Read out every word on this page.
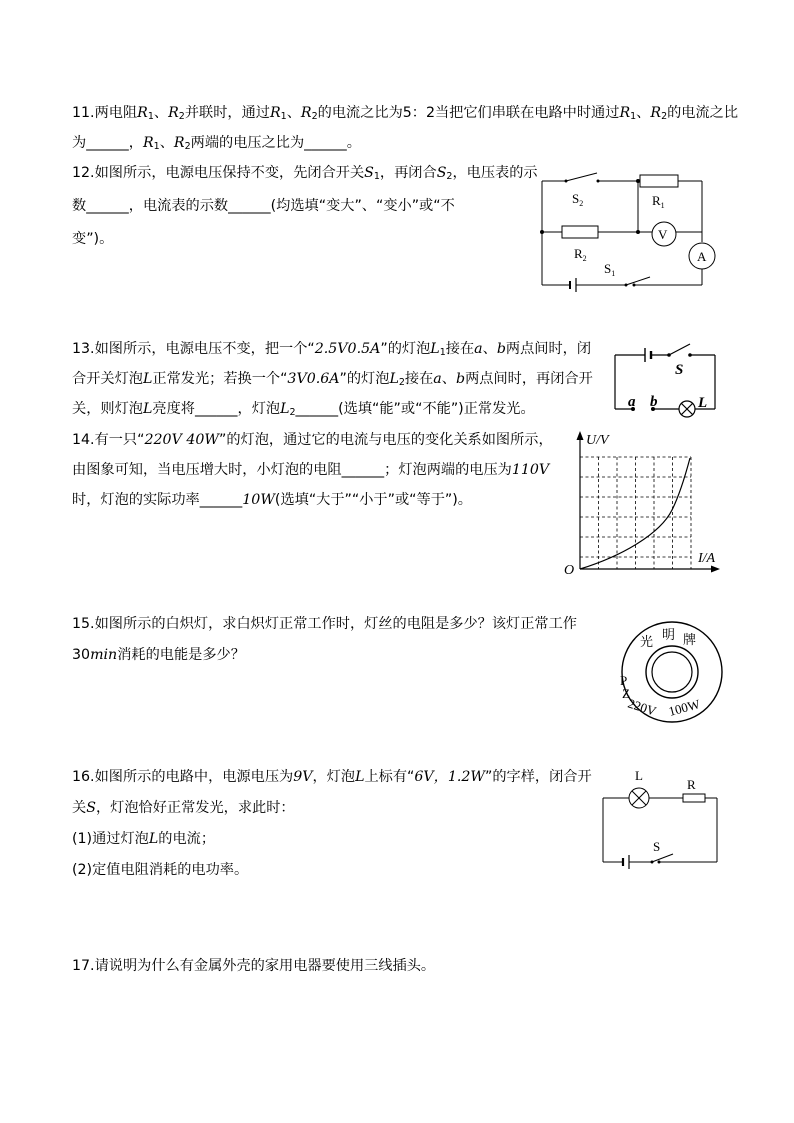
11.两电阻$R_1$、$R_2$并联时，通过$R_1$、$R_2$的电流之比为5：2当把它们串联在电路中时通过$R_1$、$R_2$的电流之比
为______，$R_1$、$R_2$两端的电压之比为______。
12.如图所示，电源电压保持不变，先闭合开关$S_1$，再闭合$S_2$，电压表的示
数______，电流表的示数______(均选填“变大”、“变小”或“不
变”)。
$S_2$	$R_1$
V
A
$R_2$
$S_1$
13.如图所示，电源电压不变，把一个“2.5V0.5A”的灯泡$L_1$接在a、b两点间时，闭
合开关灯泡L正常发光；若换一个“3V0.6A”的灯泡$L_2$接在a、b两点间时，再闭合开
关，则灯泡L亮度将______，灯泡$L_2\_\_\_\_\_\_$(选填“能”或“不能”)正常发光。
S
a b	L
14.有一只“220V 40W”的灯泡，通过它的电流与电压的变化关系如图所示，
由图象可知，当电压增大时，小灯泡的电阻______；灯泡两端的电压为110V
时，灯泡的实际功率______10W(选填“大于”“小于”或“等于”)。
U/V
I/A
O
15.如图所示的白炽灯，求白炽灯正常工作时，灯丝的电阻是多少？该灯正常工作
30min消耗的电能是多少？
光 明 牌
P
Z
220V 100W
16.如图所示的电路中，电源电压为9V，灯泡L上标有“6V，1.2W”的字样，闭合开
关S，灯泡恰好正常发光，求此时：
(1)通过灯泡L的电流；
(2)定值电阻消耗的电功率。
L
R
S
17.请说明为什么有金属外壳的家用电器要使用三线插头。
